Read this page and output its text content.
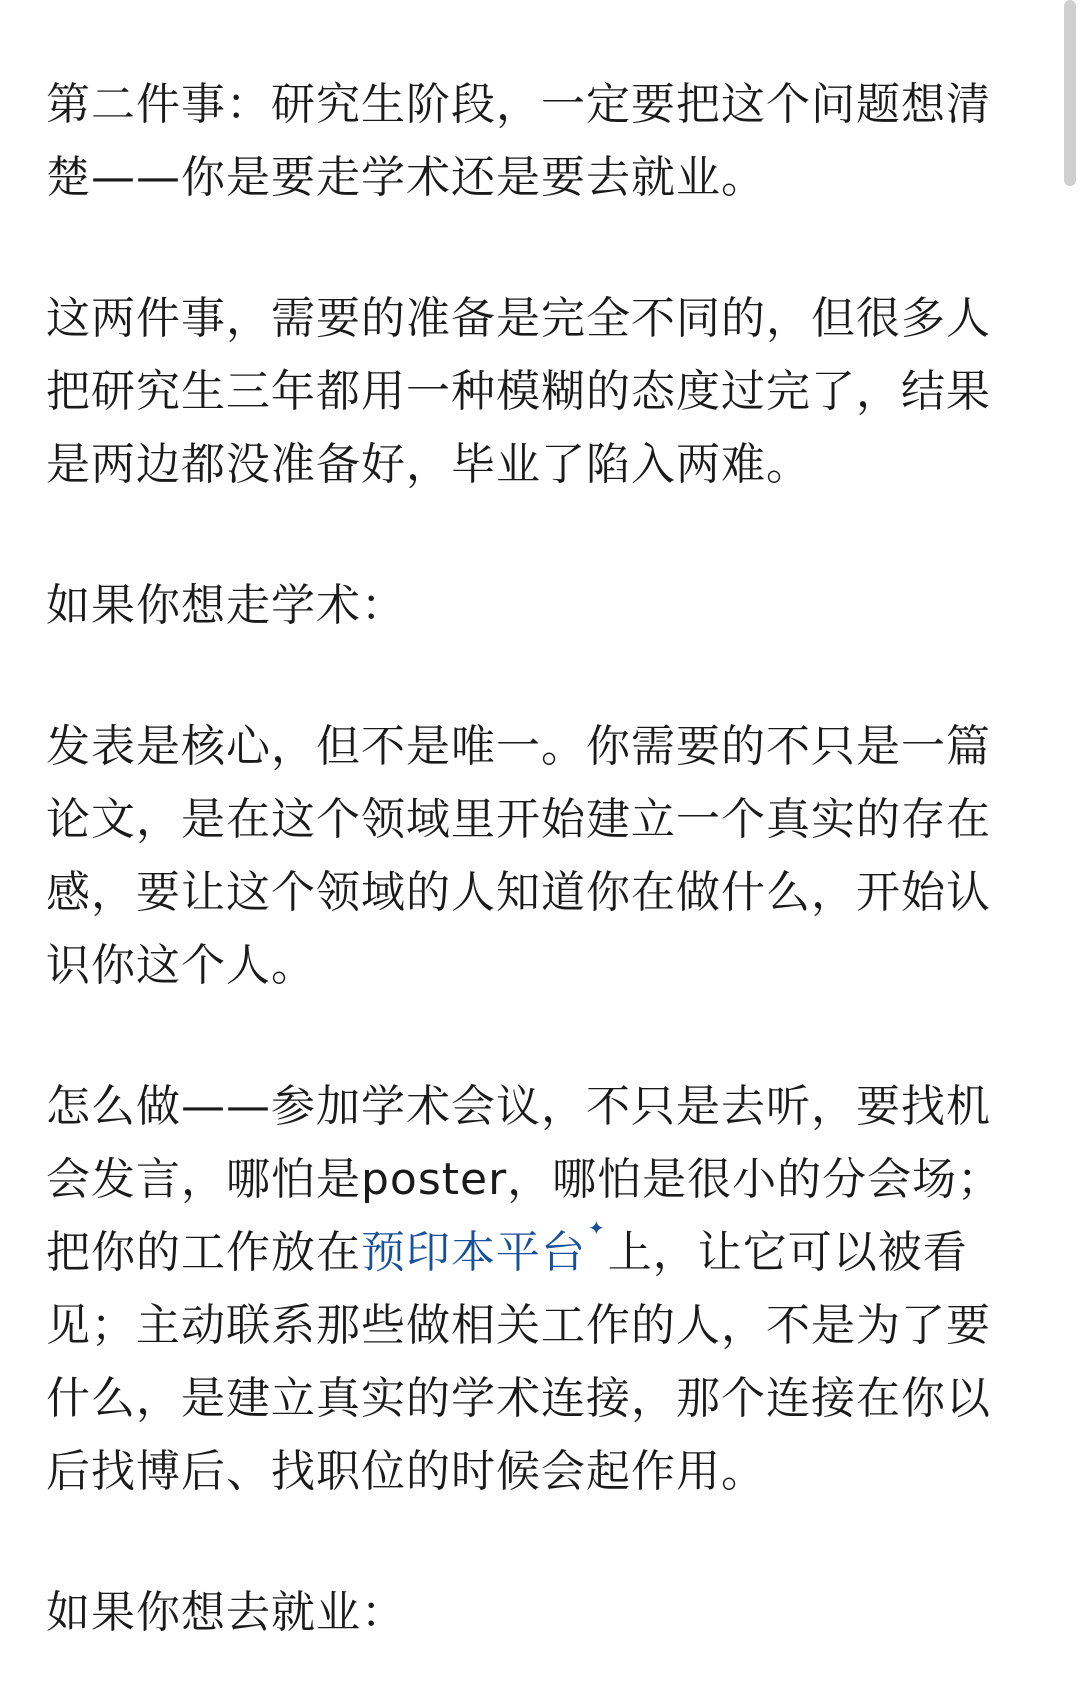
第二件事：研究生阶段，一定要把这个问题想清楚——你是要走学术还是要去就业。

这两件事，需要的准备是完全不同的，但很多人把研究生三年都用一种模糊的态度过完了，结果是两边都没准备好，毕业了陷入两难。

如果你想走学术：

发表是核心，但不是唯一。你需要的不只是一篇论文，是在这个领域里开始建立一个真实的存在感，要让这个领域的人知道你在做什么，开始认识你这个人。

怎么做——参加学术会议，不只是去听，要找机会发言，哪怕是poster，哪怕是很小的分会场；把你的工作放在预印本平台 ✦上，让它可以被看见；主动联系那些做相关工作的人，不是为了要什么，是建立真实的学术连接，那个连接在你以后找博后、找职位的时候会起作用。

如果你想去就业：
